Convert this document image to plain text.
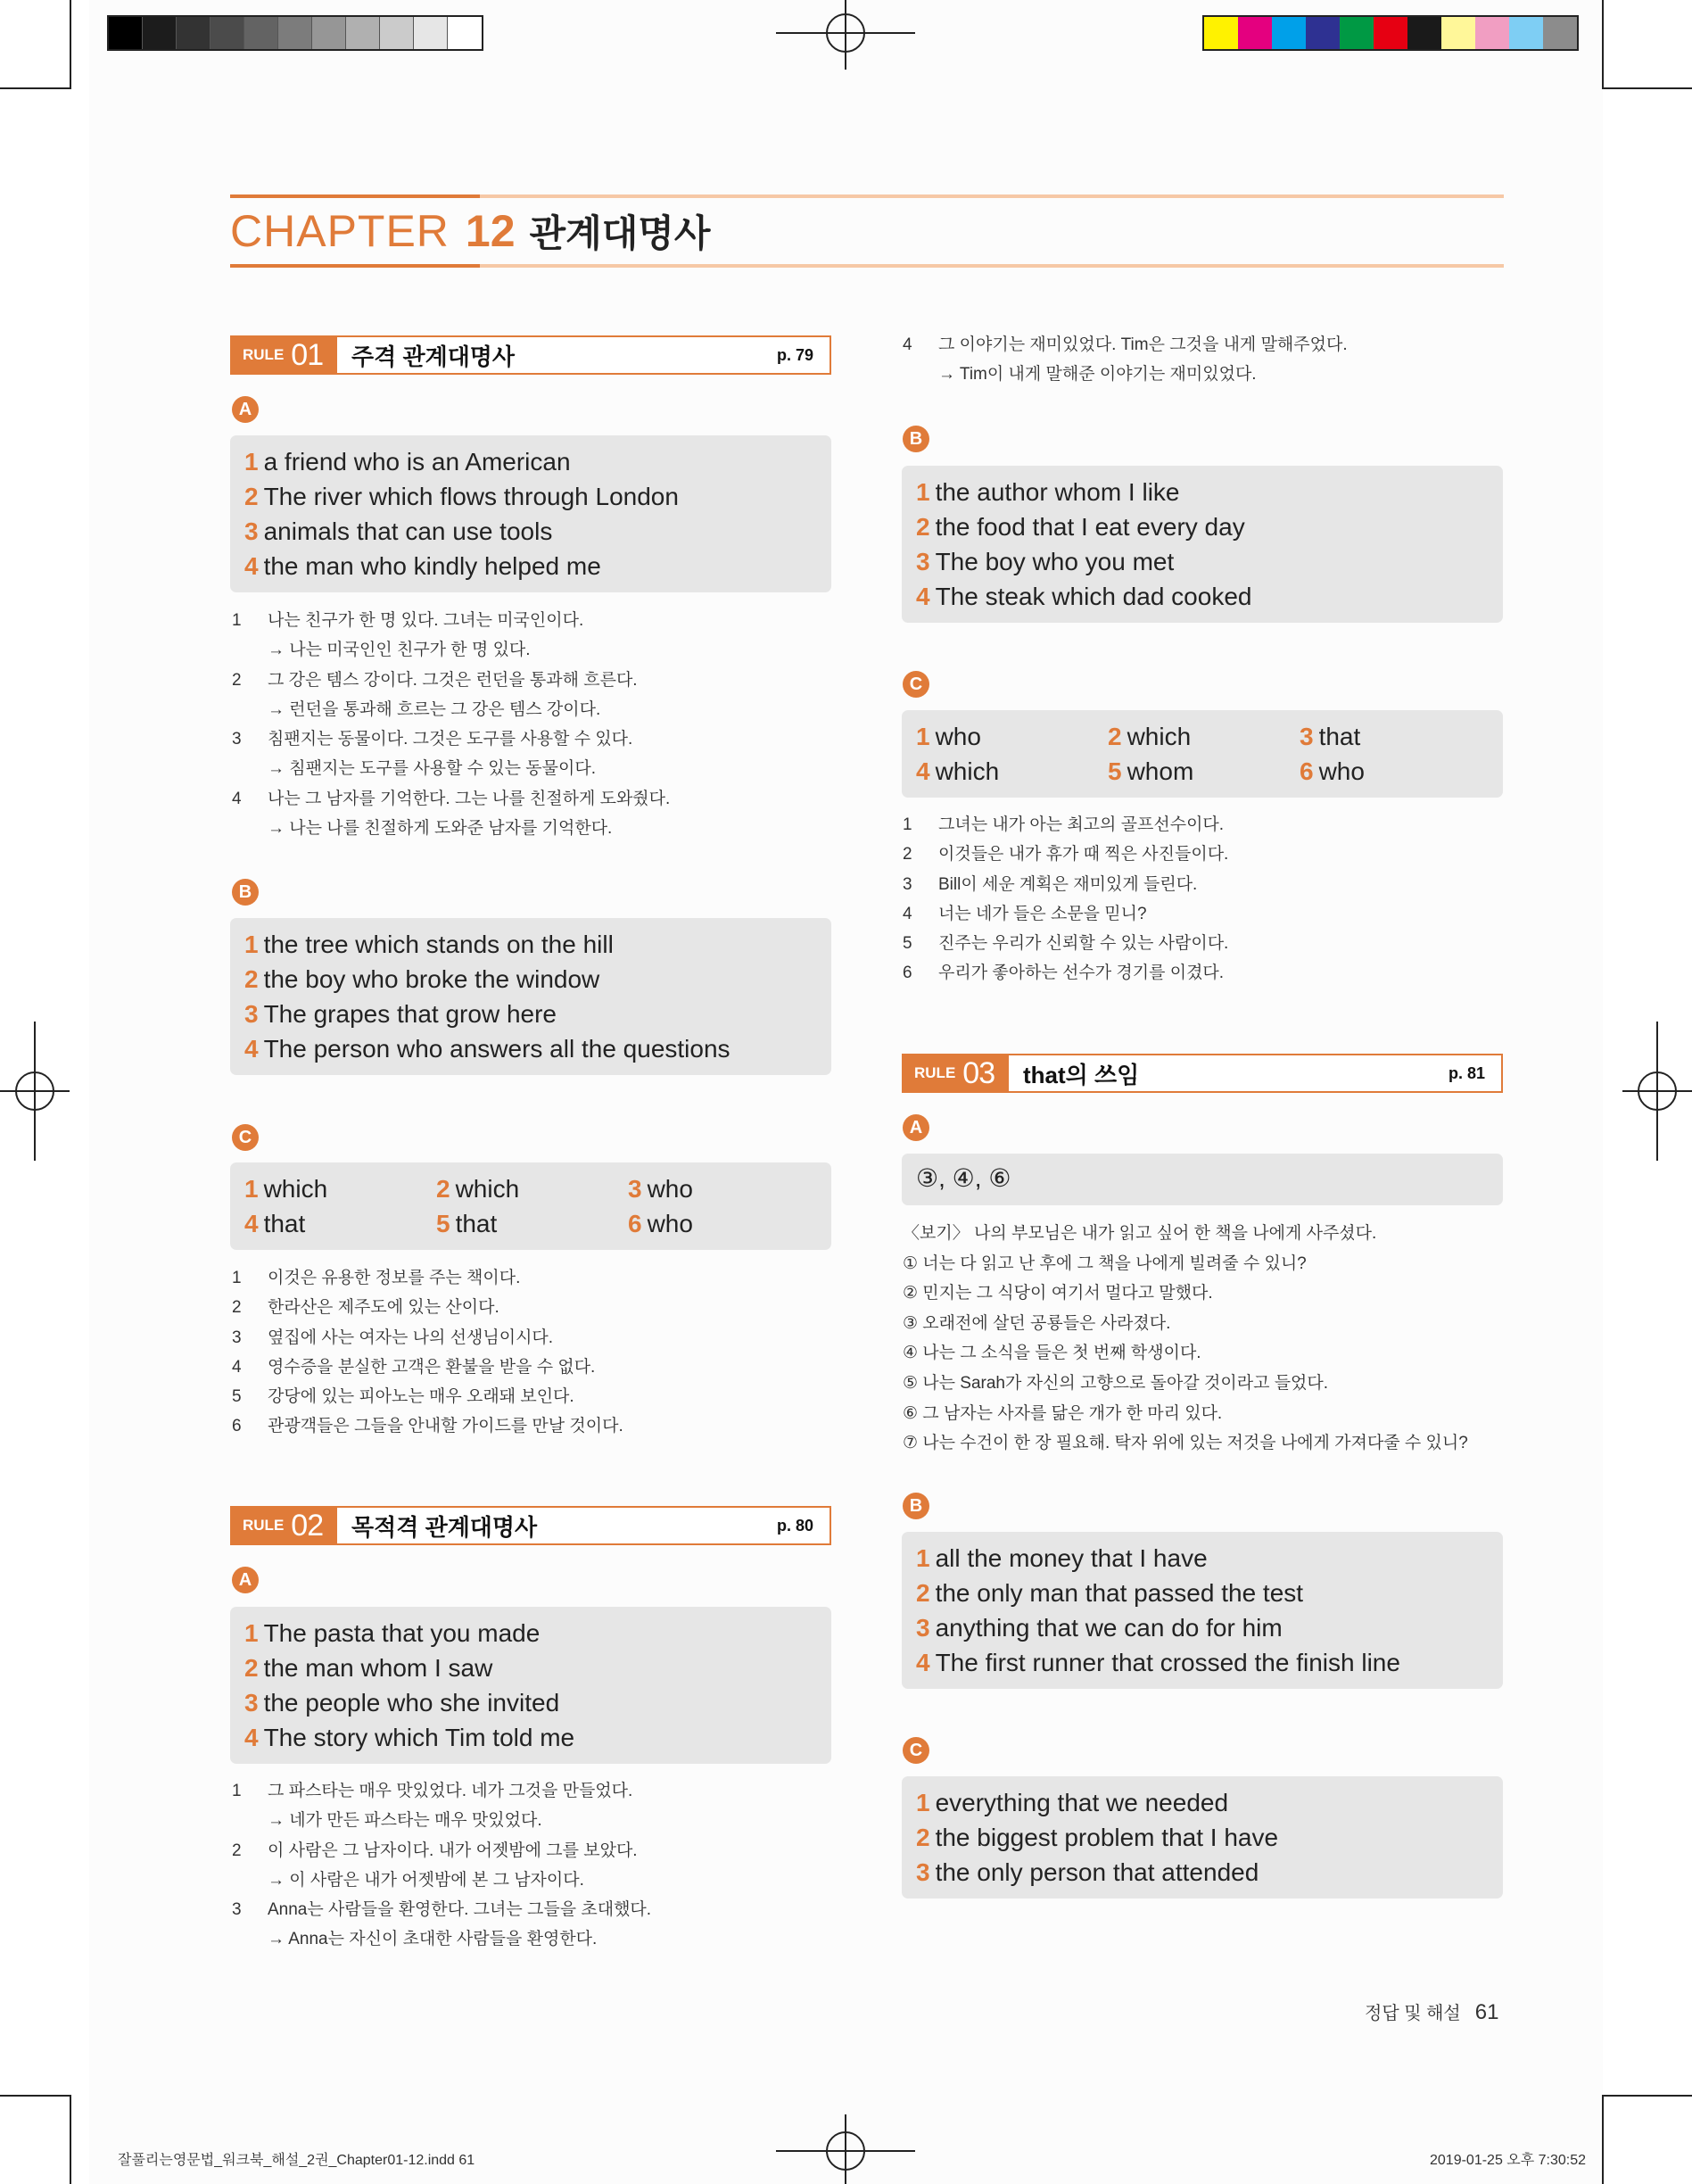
CHAPTER 12 관계대명사
RULE 01 주격 관계대명사	p. 79
A
1 a friend who is an American
2 The river which flows through London
3 animals that can use tools
4 the man who kindly helped me
1	나는 친구가 한 명 있다. 그녀는 미국인이다.
→ 나는 미국인인 친구가 한 명 있다.
2	그 강은 템스 강이다. 그것은 런던을 통과해 흐른다.
→ 런던을 통과해 흐르는 그 강은 템스 강이다.
3	침팬지는 동물이다. 그것은 도구를 사용할 수 있다.
→ 침팬지는 도구를 사용할 수 있는 동물이다.
4	나는 그 남자를 기억한다. 그는 나를 친절하게 도와줬다.
→ 나는 나를 친절하게 도와준 남자를 기억한다.
B
1 the tree which stands on the hill
2 the boy who broke the window
3 The grapes that grow here
4 The person who answers all the questions
C
1 which	2 which	3 who
4 that	5 that	6 who
1	이것은 유용한 정보를 주는 책이다.
2	한라산은 제주도에 있는 산이다.
3	옆집에 사는 여자는 나의 선생님이시다.
4	영수증을 분실한 고객은 환불을 받을 수 없다.
5	강당에 있는 피아노는 매우 오래돼 보인다.
6	관광객들은 그들을 안내할 가이드를 만날 것이다.
RULE 02 목적격 관계대명사	p. 80
A
1 The pasta that you made
2 the man whom I saw
3 the people who she invited
4 The story which Tim told me
1	그 파스타는 매우 맛있었다. 네가 그것을 만들었다.
→ 네가 만든 파스타는 매우 맛있었다.
2	이 사람은 그 남자이다. 내가 어젯밤에 그를 보았다.
→ 이 사람은 내가 어젯밤에 본 그 남자이다.
3	Anna는 사람들을 환영한다. 그녀는 그들을 초대했다.
→ Anna는 자신이 초대한 사람들을 환영한다.
4	그 이야기는 재미있었다. Tim은 그것을 내게 말해주었다.
→ Tim이 내게 말해준 이야기는 재미있었다.
B
1 the author whom I like
2 the food that I eat every day
3 The boy who you met
4 The steak which dad cooked
C
1 who	2 which	3 that
4 which	5 whom	6 who
1	그녀는 내가 아는 최고의 골프선수이다.
2	이것들은 내가 휴가 때 찍은 사진들이다.
3	Bill이 세운 계획은 재미있게 들린다.
4	너는 네가 들은 소문을 믿니?
5	진주는 우리가 신뢰할 수 있는 사람이다.
6	우리가 좋아하는 선수가 경기를 이겼다.
RULE 03 that의 쓰임	p. 81
A
③, ④, ⑥
〈보기〉 나의 부모님은 내가 읽고 싶어 한 책을 나에게 사주셨다.
① 너는 다 읽고 난 후에 그 책을 나에게 빌려줄 수 있니?
② 민지는 그 식당이 여기서 멀다고 말했다.
③ 오래전에 살던 공룡들은 사라졌다.
④ 나는 그 소식을 들은 첫 번째 학생이다.
⑤ 나는 Sarah가 자신의 고향으로 돌아갈 것이라고 들었다.
⑥ 그 남자는 사자를 닮은 개가 한 마리 있다.
⑦ 나는 수건이 한 장 필요해. 탁자 위에 있는 저것을 나에게 가져다줄 수 있니?
B
1 all the money that I have
2 the only man that passed the test
3 anything that we can do for him
4 The first runner that crossed the finish line
C
1 everything that we needed
2 the biggest problem that I have
3 the only person that attended
정답 및 해설 61
잘풀리는영문법_워크북_해설_2권_Chapter01-12.indd 61	2019-01-25 오후 7:30:52
